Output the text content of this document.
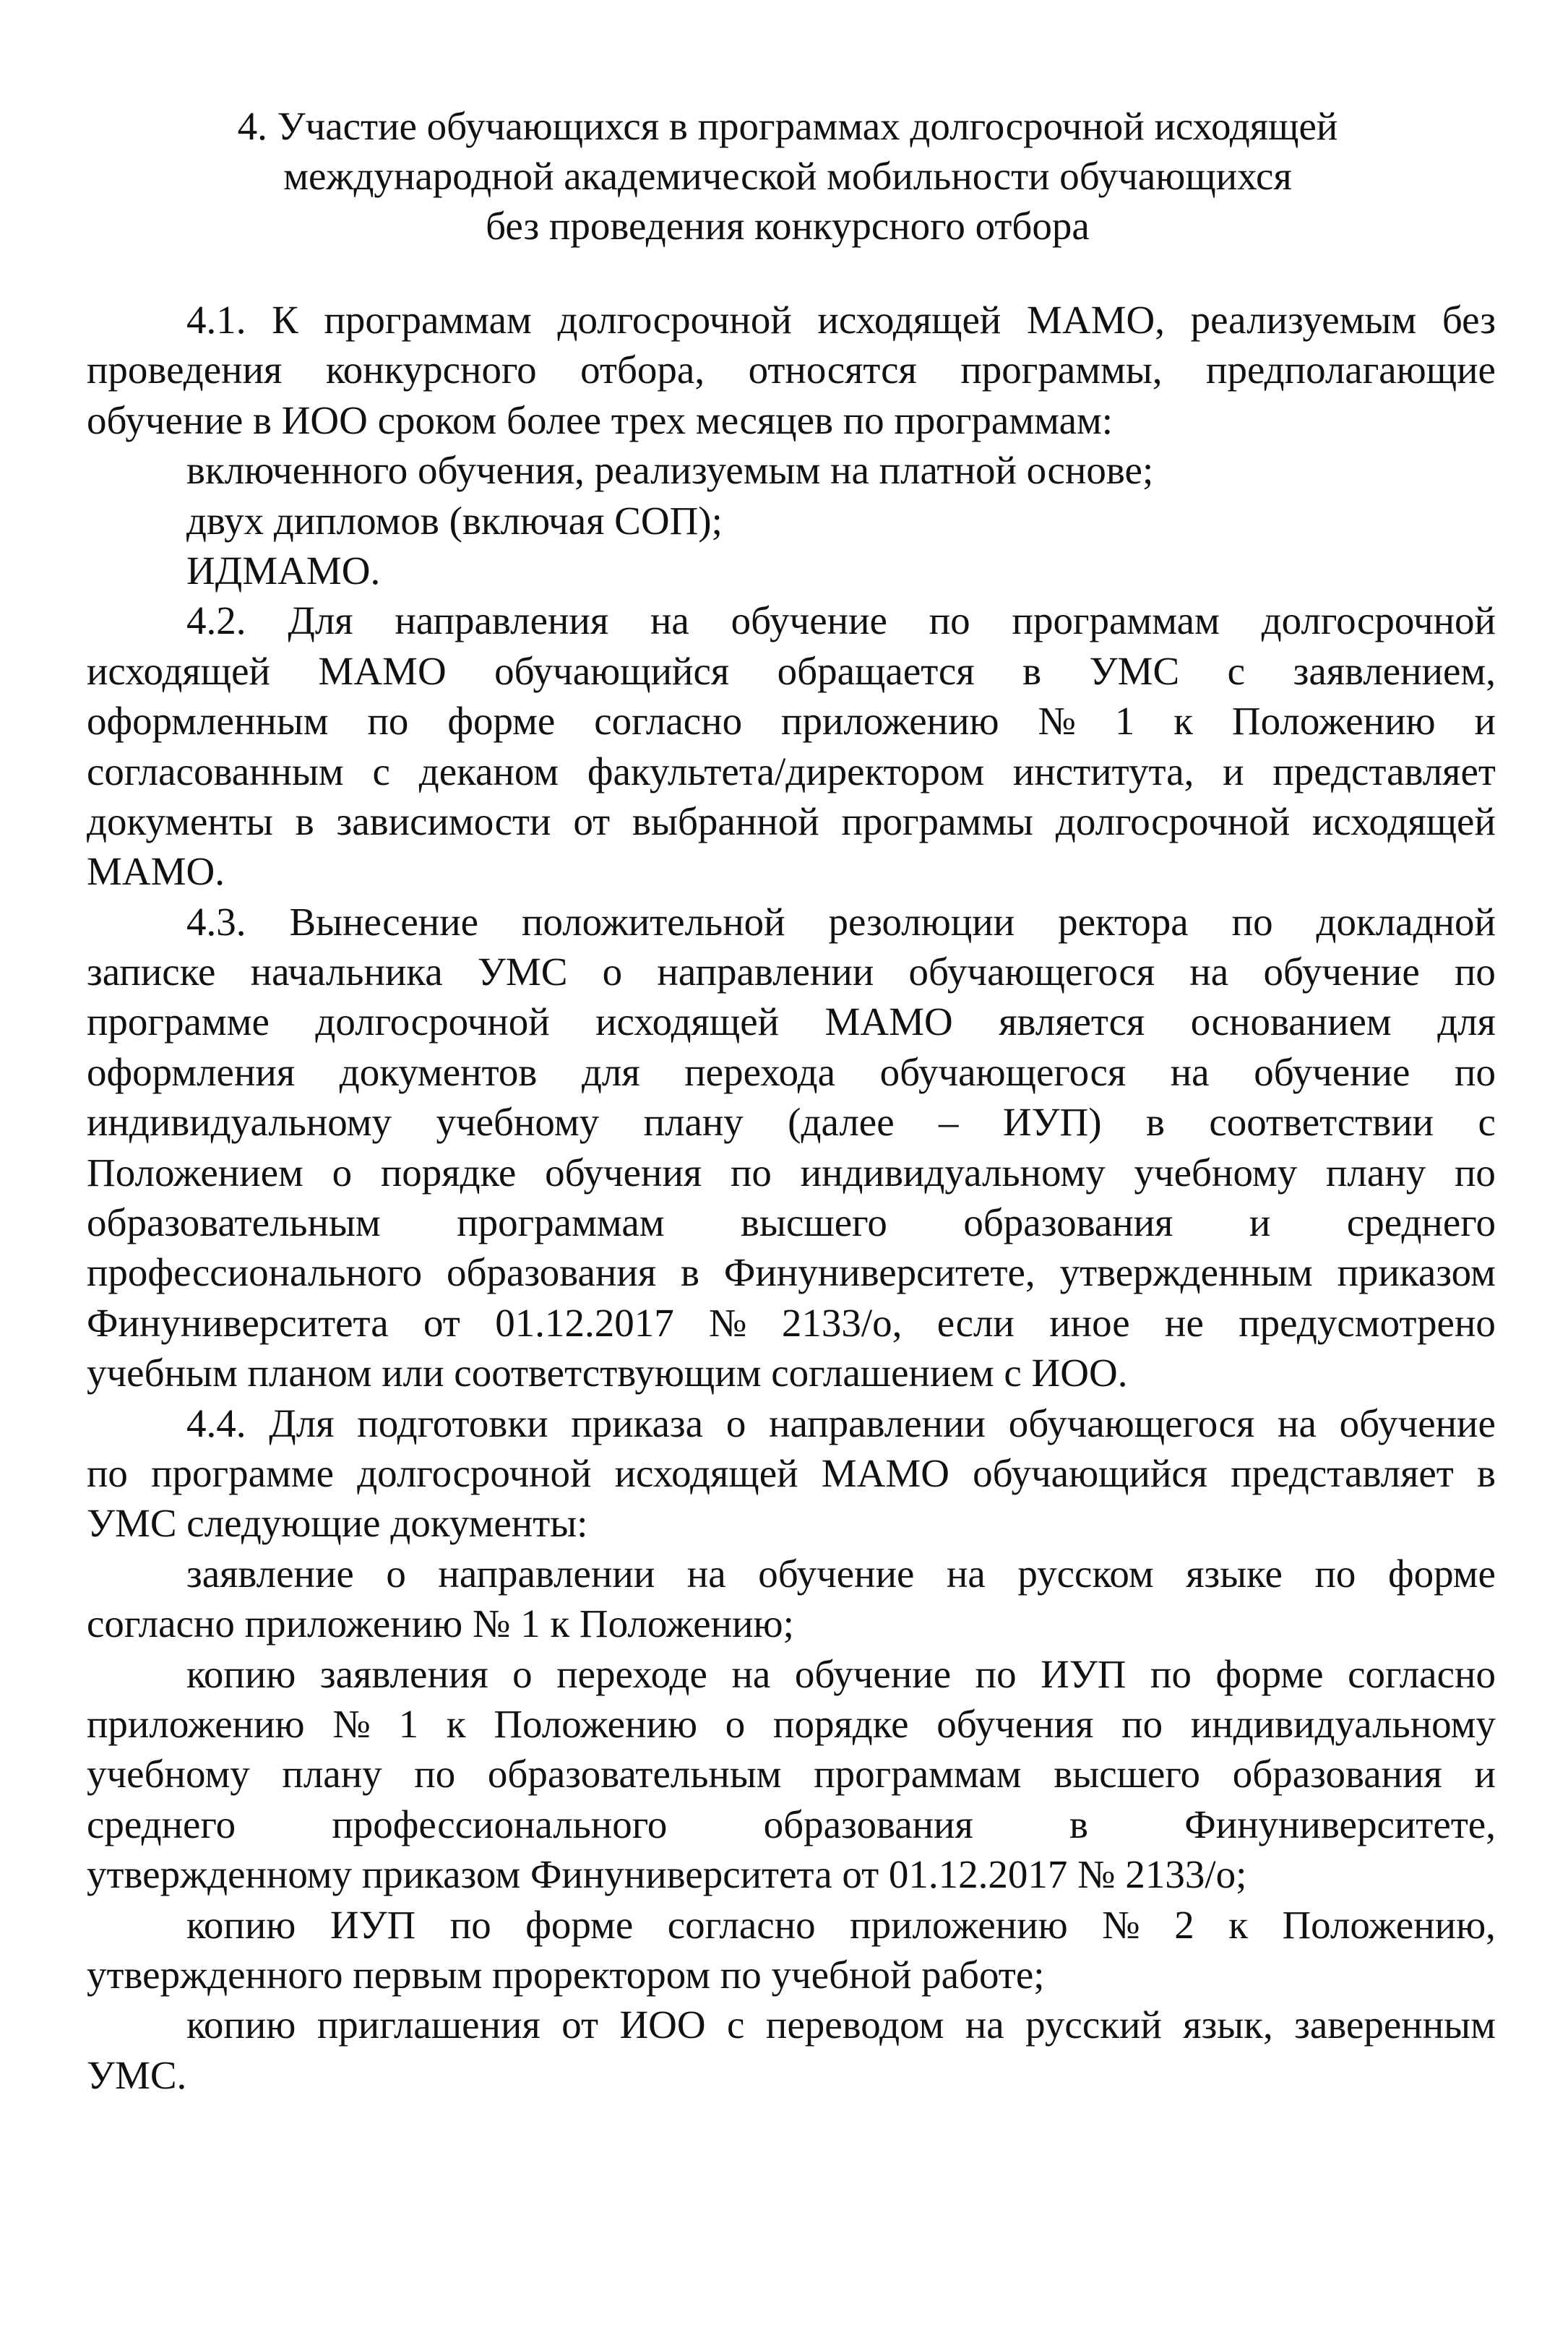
4. Участие обучающихся в программах долгосрочной исходящей
международной академической мобильности обучающихся
без проведения конкурсного отбора
4.1. К программам долгосрочной исходящей МАМО, реализуемым без
проведения конкурсного отбора, относятся программы, предполагающие
обучение в ИОО сроком более трех месяцев по программам:
включенного обучения, реализуемым на платной основе;
двух дипломов (включая СОП);
ИДМАМО.
4.2. Для направления на обучение по программам долгосрочной
исходящей МАМО обучающийся обращается в УМС с заявлением,
оформленным по форме согласно приложению № 1 к Положению и
согласованным с деканом факультета/директором института, и представляет
документы в зависимости от выбранной программы долгосрочной исходящей
МАМО.
4.3. Вынесение положительной резолюции ректора по докладной
записке начальника УМС о направлении обучающегося на обучение по
программе долгосрочной исходящей МАМО является основанием для
оформления документов для перехода обучающегося на обучение по
индивидуальному учебному плану (далее – ИУП) в соответствии с
Положением о порядке обучения по индивидуальному учебному плану по
образовательным программам высшего образования и среднего
профессионального образования в Финуниверситете, утвержденным приказом
Финуниверситета от 01.12.2017 № 2133/о, если иное не предусмотрено
учебным планом или соответствующим соглашением с ИОО.
4.4. Для подготовки приказа о направлении обучающегося на обучение
по программе долгосрочной исходящей МАМО обучающийся представляет в
УМС следующие документы:
заявление о направлении на обучение на русском языке по форме
согласно приложению № 1 к Положению;
копию заявления о переходе на обучение по ИУП по форме согласно
приложению № 1 к Положению о порядке обучения по индивидуальному
учебному плану по образовательным программам высшего образования и
среднего профессионального образования в Финуниверситете,
утвержденному приказом Финуниверситета от 01.12.2017 № 2133/о;
копию ИУП по форме согласно приложению № 2 к Положению,
утвержденного первым проректором по учебной работе;
копию приглашения от ИОО с переводом на русский язык, заверенным
УМС.
